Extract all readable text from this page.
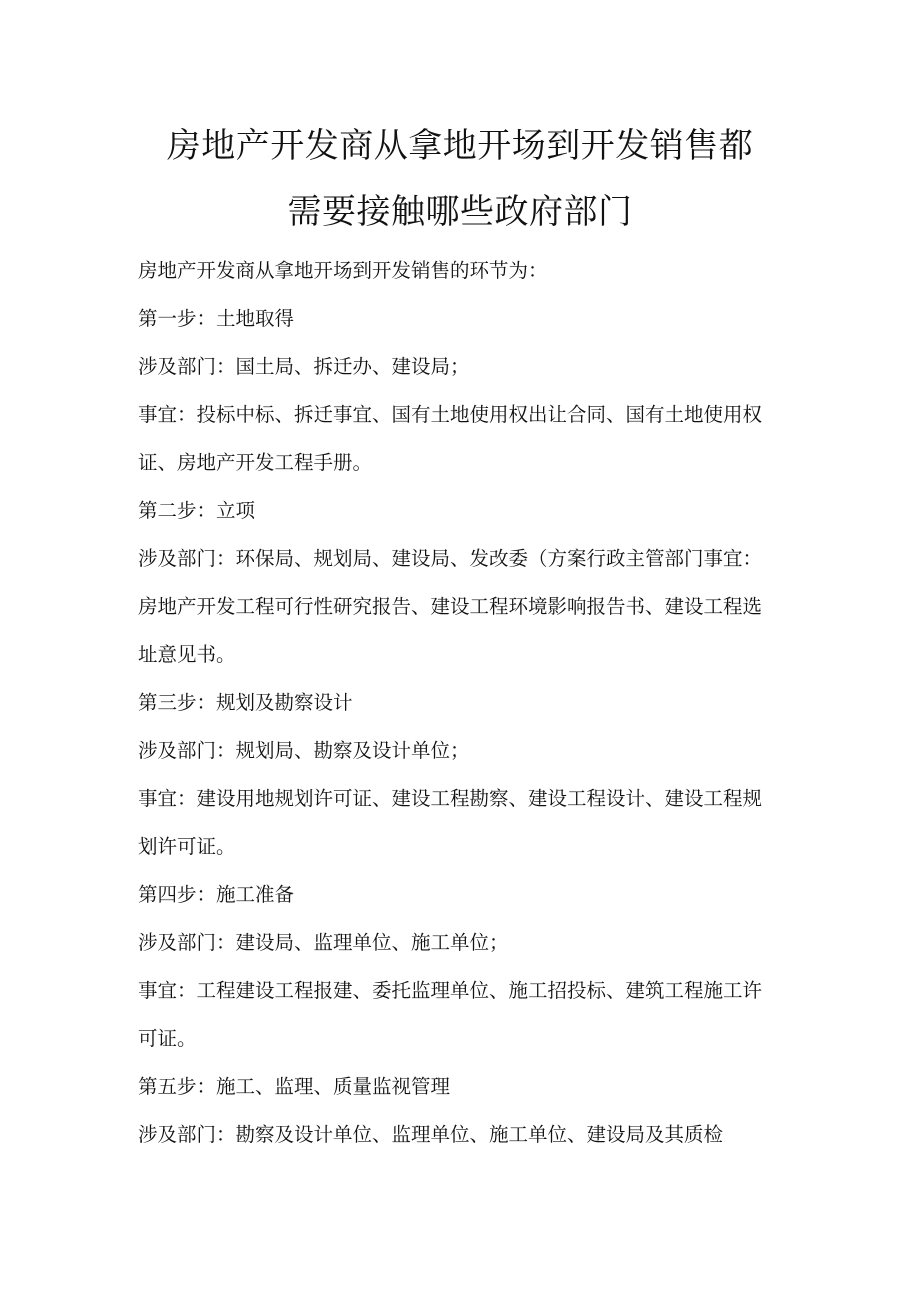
房地产开发商从拿地开场到开发销售都
需要接触哪些政府部门
房地产开发商从拿地开场到开发销售的环节为：
第一步：土地取得
涉及部门：国土局、拆迁办、建设局；
事宜：投标中标、拆迁事宜、国有土地使用权出让合同、国有土地使用权
证、房地产开发工程手册。
第二步：立项
涉及部门：环保局、规划局、建设局、发改委（方案行政主管部门事宜：
房地产开发工程可行性研究报告、建设工程环境影响报告书、建设工程选
址意见书。
第三步：规划及勘察设计
涉及部门：规划局、勘察及设计单位；
事宜：建设用地规划许可证、建设工程勘察、建设工程设计、建设工程规
划许可证。
第四步：施工准备
涉及部门：建设局、监理单位、施工单位；
事宜：工程建设工程报建、委托监理单位、施工招投标、建筑工程施工许
可证。
第五步：施工、监理、质量监视管理
涉及部门：勘察及设计单位、监理单位、施工单位、建设局及其质检
